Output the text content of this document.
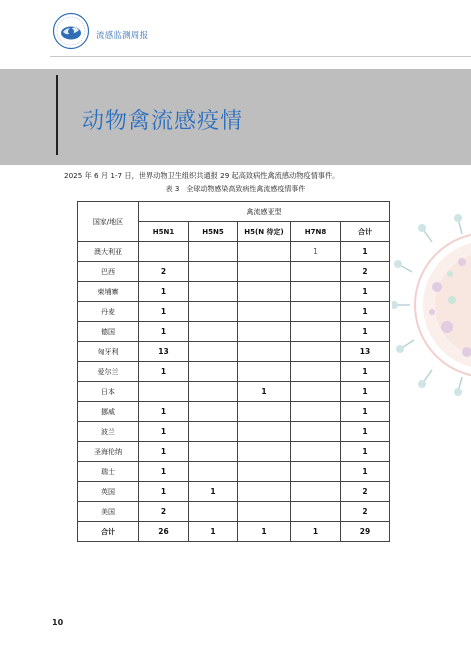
流感监测周报
动物禽流感疫情
2025 年 6 月 1-7 日，世界动物卫生组织共通报 29 起高致病性禽流感动物疫情事件。
表 3　全球动物感染高致病性禽流感疫情事件
国家/地区	禽流感亚型				
	H5N1	H5N5	H5(N 待定)	H7N8	合计
澳大利亚				1	1
巴西	2				2
柬埔寨	1				1
丹麦	1				1
德国	1				1
匈牙利	13				13
爱尔兰	1				1
日本			1		1
挪威	1				1
波兰	1				1
圣海伦纳	1				1
瑞士	1				1
英国	1	1			2
美国	2				2
合计	26	1	1	1	29
10
